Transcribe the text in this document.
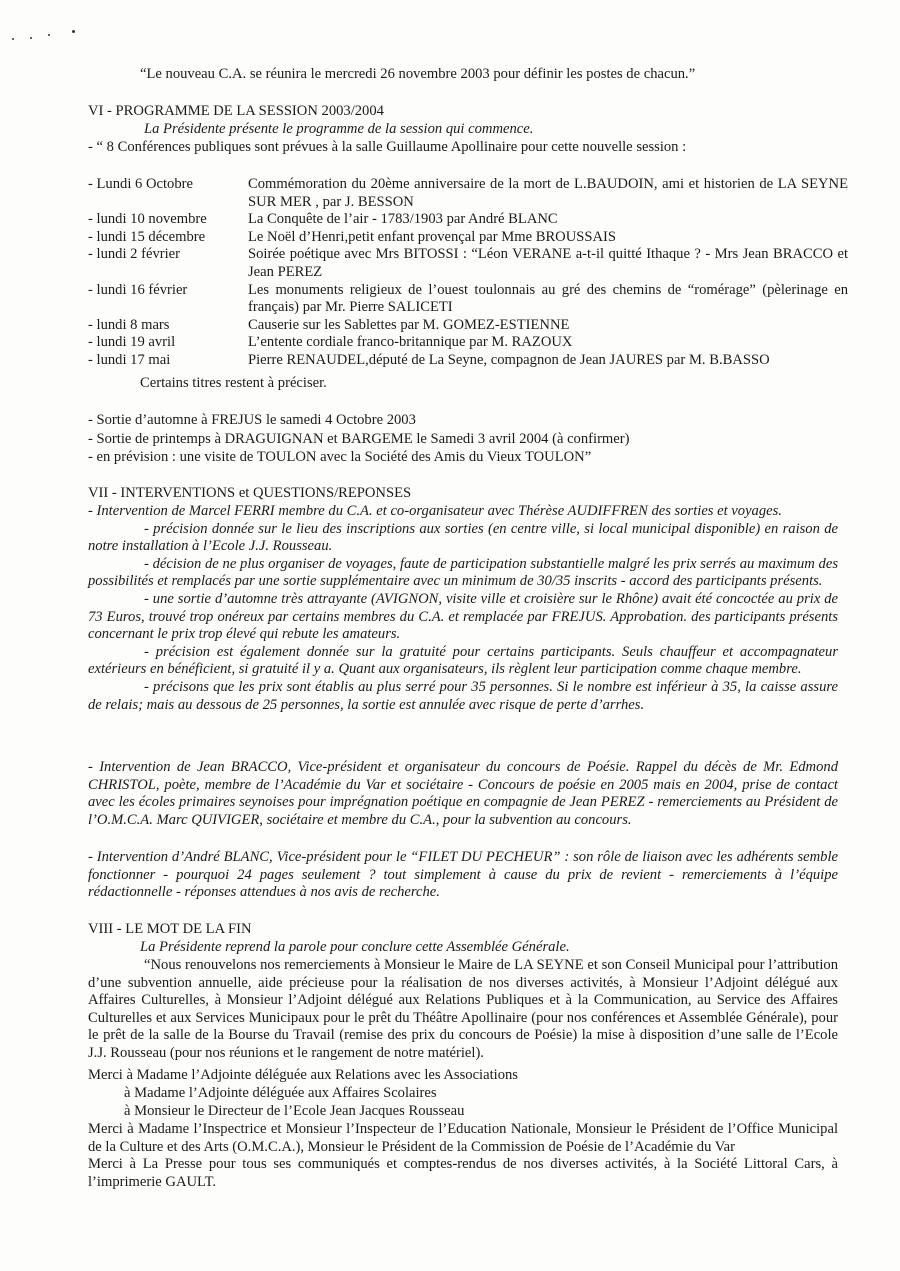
“Le nouveau C.A. se réunira le mercredi 26 novembre 2003 pour définir les postes de chacun.”
VI - PROGRAMME DE LA SESSION 2003/2004
La Présidente présente le programme de la session qui commence.
- “ 8 Conférences publiques sont prévues à la salle Guillaume Apollinaire pour cette nouvelle session :
- Lundi 6 Octobre	Commémoration du 20ème anniversaire de la mort de L.BAUDOIN, ami et historien de LA SEYNE SUR MER , par J. BESSON
- lundi 10 novembre	La Conquête de l’air - 1783/1903 par André BLANC
- lundi 15 décembre	Le Noël d’Henri,petit enfant provençal par Mme BROUSSAIS
- lundi 2 février	Soirée poétique avec Mrs BITOSSI : “Léon VERANE a-t-il quitté Ithaque ? - Mrs Jean BRACCO et Jean PEREZ
- lundi 16 février	Les monuments religieux de l’ouest toulonnais au gré des chemins de “roméragе” (pèlerinage en français) par Mr. Pierre SALICETI
- lundi 8 mars	Causerie sur les Sablettes par M. GOMEZ-ESTIENNE
- lundi 19 avril	L’entente cordiale franco-britannique par M. RAZOUX
- lundi 17 mai	Pierre RENAUDEL,député de La Seyne, compagnon de Jean JAURES par M. B.BASSO
Certains titres restent à préciser.
- Sortie d’automne à FREJUS le samedi 4 Octobre 2003
- Sortie de printemps à DRAGUIGNAN et BARGEME le Samedi 3 avril 2004 (à confirmer)
- en prévision : une visite de TOULON avec la Société des Amis du Vieux TOULON”
VII - INTERVENTIONS et QUESTIONS/REPONSES

- Intervention de Marcel FERRI membre du C.A. et co-organisateur avec Thérèse AUDIFFREN des sorties et voyages.

- précision donnée sur le lieu des inscriptions aux sorties (en centre ville, si local municipal disponible) en raison de notre installation à l’Ecole J.J. Rousseau.

- décision de ne plus organiser de voyages, faute de participation substantielle malgré les prix serrés au maximum des possibilités et remplacés par une sortie supplémentaire avec un minimum de 30/35 inscrits - accord des participants présents.

- une sortie d’automne très attrayante (AVIGNON, visite ville et croisière sur le Rhône) avait été concoctée au prix de 73 Euros, trouvé trop onéreux par certains membres du C.A. et remplacée par FREJUS. Approbation. des participants présents concernant le prix trop élevé qui rebute les amateurs.

- précision est également donnée sur la gratuité pour certains participants. Seuls chauffeur et accompagnateur extérieurs en bénéficient, si gratuité il y a. Quant aux organisateurs, ils règlent leur participation comme chaque membre.

- précisons que les prix sont établis au plus serré pour 35 personnes. Si le nombre est inférieur à 35, la caisse assure de relais; mais au dessous de 25 personnes, la sortie est annulée avec risque de perte d’arrhes.

- Intervention de Jean BRACCO, Vice-président et organisateur du concours de Poésie. Rappel du décès de Mr. Edmond CHRISTOL, poète, membre de l’Académie du Var et sociétaire - Concours de poésie en 2005 mais en 2004, prise de contact avec les écoles primaires seynoises pour imprégnation poétique en compagnie de Jean PEREZ - remerciements au Président de l’O.M.C.A. Marc QUIVIGER, sociétaire et membre du C.A., pour la subvention au concours.
- Intervention d’André BLANC, Vice-président pour le “FILET DU PECHEUR” : son rôle de liaison avec les adhérents semble fonctionner - pourquoi 24 pages seulement ? tout simplement à cause du prix de revient - remerciements à l’équipe rédactionnelle - réponses attendues à nos avis de recherche.
VIII - LE MOT DE LA FIN
La Présidente reprend la parole pour conclure cette Assemblée Générale.

“Nous renouvelons nos remerciements à Monsieur le Maire de LA SEYNE et son Conseil Municipal pour l’attribution d’une subvention annuelle, aide précieuse pour la réalisation de nos diverses activités, à Monsieur l’Adjoint délégué aux Affaires Culturelles, à Monsieur l’Adjoint délégué aux Relations Publiques et à la Communication, au Service des Affaires Culturelles et aux Services Municipaux pour le prêt du Théâtre Apollinaire (pour nos conférences et Assemblée Générale), pour le prêt de la salle de la Bourse du Travail (remise des prix du concours de Poésie) la mise à disposition d’une salle de l’Ecole J.J. Rousseau (pour nos réunions et le rangement de notre matériel).

Merci à Madame l’Adjointe déléguée aux Relations avec les Associations
à Madame l’Adjointe déléguée aux Affaires Scolaires
à Monsieur le Directeur de l’Ecole Jean Jacques Rousseau

Merci à Madame l’Inspectrice et Monsieur l’Inspecteur de l’Education Nationale, Monsieur le Président de l’Office Municipal de la Culture et des Arts (O.M.C.A.), Monsieur le Président de la Commission de Poésie de l’Académie du Var

Merci à La Presse pour tous ses communiqués et comptes-rendus de nos diverses activités, à la Société Littoral Cars, à l’imprimerie GAULT.
